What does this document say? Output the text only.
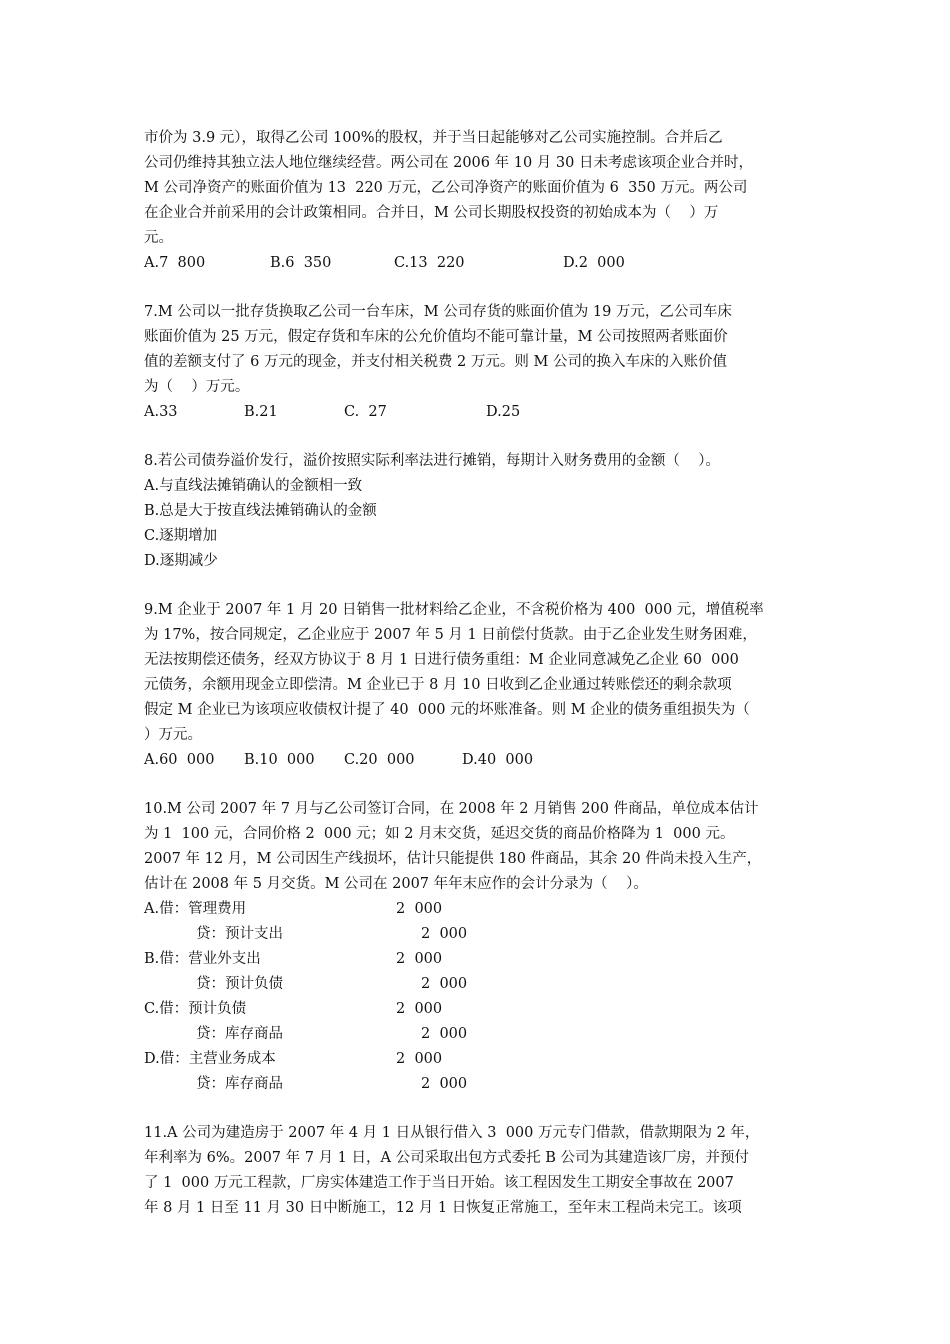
市价为 3.9 元），取得乙公司 100%的股权，并于当日起能够对乙公司实施控制。合并后乙
公司仍维持其独立法人地位继续经营。两公司在 2006 年 10 月 30 日未考虑该项企业合并时，
M 公司净资产的账面价值为 13  220 万元，乙公司净资产的账面价值为 6  350 万元。两公司
在企业合并前采用的会计政策相同。合并日，M 公司长期股权投资的初始成本为（    ）万
元。
A.7  800	B.6  350	C.13  220	D.2  000
7.M 公司以一批存货换取乙公司一台车床，M 公司存货的账面价值为 19 万元，乙公司车床
账面价值为 25 万元，假定存货和车床的公允价值均不能可靠计量，M 公司按照两者账面价
值的差额支付了 6 万元的现金，并支付相关税费 2 万元。则 M 公司的换入车床的入账价值
为（    ）万元。
A.33	B.21	C.  27	D.25
8.若公司债券溢价发行，溢价按照实际利率法进行摊销，每期计入财务费用的金额（    ）。
A.与直线法摊销确认的金额相一致
B.总是大于按直线法摊销确认的金额
C.逐期增加
D.逐期减少
9.M 企业于 2007 年 1 月 20 日销售一批材料给乙企业，不含税价格为 400  000 元，增值税率
为 17%，按合同规定，乙企业应于 2007 年 5 月 1 日前偿付货款。由于乙企业发生财务困难，
无法按期偿还债务，经双方协议于 8 月 1 日进行债务重组：M 企业同意减免乙企业 60  000
元债务，余额用现金立即偿清。M 企业已于 8 月 10 日收到乙企业通过转账偿还的剩余款项
假定 M 企业已为该项应收债权计提了 40  000 元的坏账准备。则 M 企业的债务重组损失为（
）万元。
A.60  000 B.10  000 C.20  000	D.40  000
10.M 公司 2007 年 7 月与乙公司签订合同，在 2008 年 2 月销售 200 件商品，单位成本估计
为 1  100 元，合同价格 2  000 元；如 2 月末交货，延迟交货的商品价格降为 1  000 元。
2007 年 12 月，M 公司因生产线损坏，估计只能提供 180 件商品，其余 20 件尚未投入生产，
估计在 2008 年 5 月交货。M 公司在 2007 年年末应作的会计分录为（    ）。
A.借：管理费用	2  000
贷：预计支出	2  000
B.借：营业外支出	2  000
贷：预计负债	2  000
C.借：预计负债	2  000
贷：库存商品	2  000
D.借：主营业务成本	2  000
贷：库存商品	2  000
11.A 公司为建造房于 2007 年 4 月 1 日从银行借入 3  000 万元专门借款，借款期限为 2 年，
年利率为 6%。2007 年 7 月 1 日，A 公司采取出包方式委托 B 公司为其建造该厂房，并预付
了 1  000 万元工程款，厂房实体建造工作于当日开始。该工程因发生工期安全事故在 2007
年 8 月 1 日至 11 月 30 日中断施工，12 月 1 日恢复正常施工，至年末工程尚未完工。该项
